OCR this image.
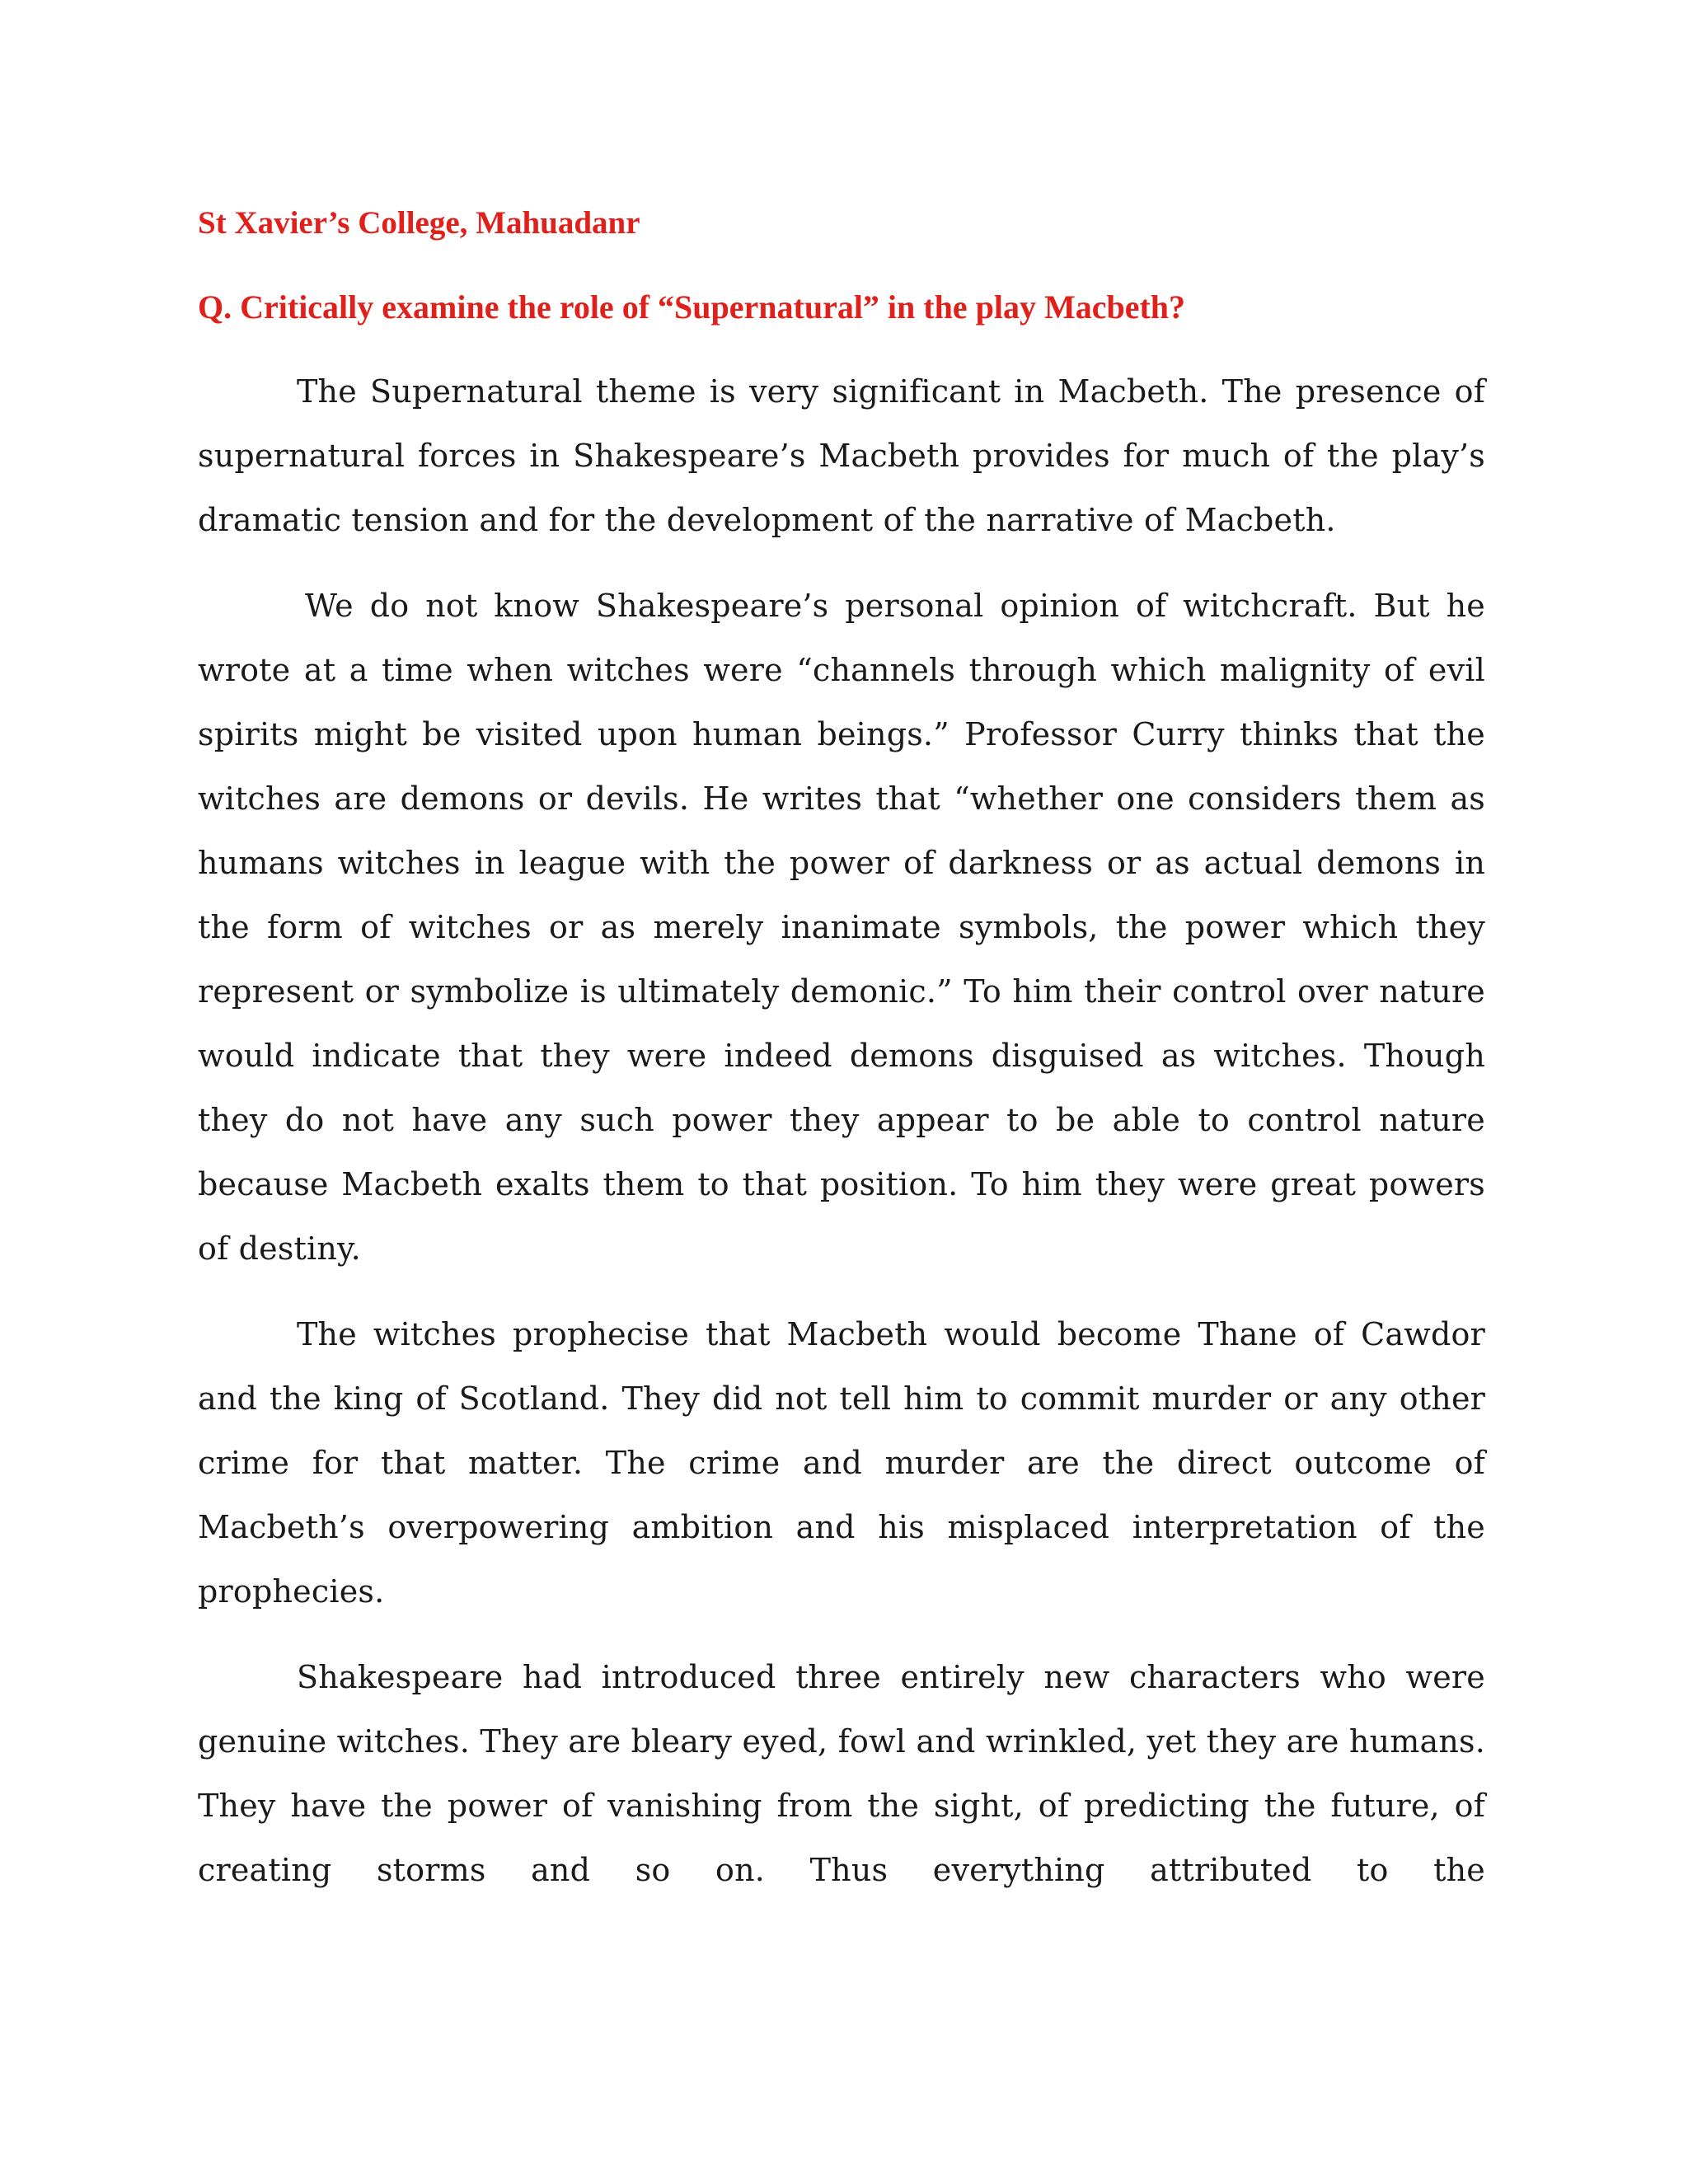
St Xavier’s College, Mahuadanr

Q. Critically examine the role of “Supernatural” in the play Macbeth?

The Supernatural theme is very significant in Macbeth. The presence of supernatural forces in Shakespeare’s Macbeth provides for much of the play’s dramatic tension and for the development of the narrative of Macbeth.

We do not know Shakespeare’s personal opinion of witchcraft. But he wrote at a time when witches were “channels through which malignity of evil spirits might be visited upon human beings.” Professor Curry thinks that the witches are demons or devils. He writes that “whether one considers them as humans witches in league with the power of darkness or as actual demons in the form of witches or as merely inanimate symbols, the power which they represent or symbolize is ultimately demonic.” To him their control over nature would indicate that they were indeed demons disguised as witches. Though they do not have any such power they appear to be able to control nature because Macbeth exalts them to that position. To him they were great powers of destiny.

The witches prophecise that Macbeth would become Thane of Cawdor and the king of Scotland. They did not tell him to commit murder or any other crime for that matter. The crime and murder are the direct outcome of Macbeth’s overpowering ambition and his misplaced interpretation of the prophecies.

Shakespeare had introduced three entirely new characters who were genuine witches. They are bleary eyed, fowl and wrinkled, yet they are humans. They have the power of vanishing from the sight, of predicting the future, of creating storms and so on. Thus everything attributed to the
